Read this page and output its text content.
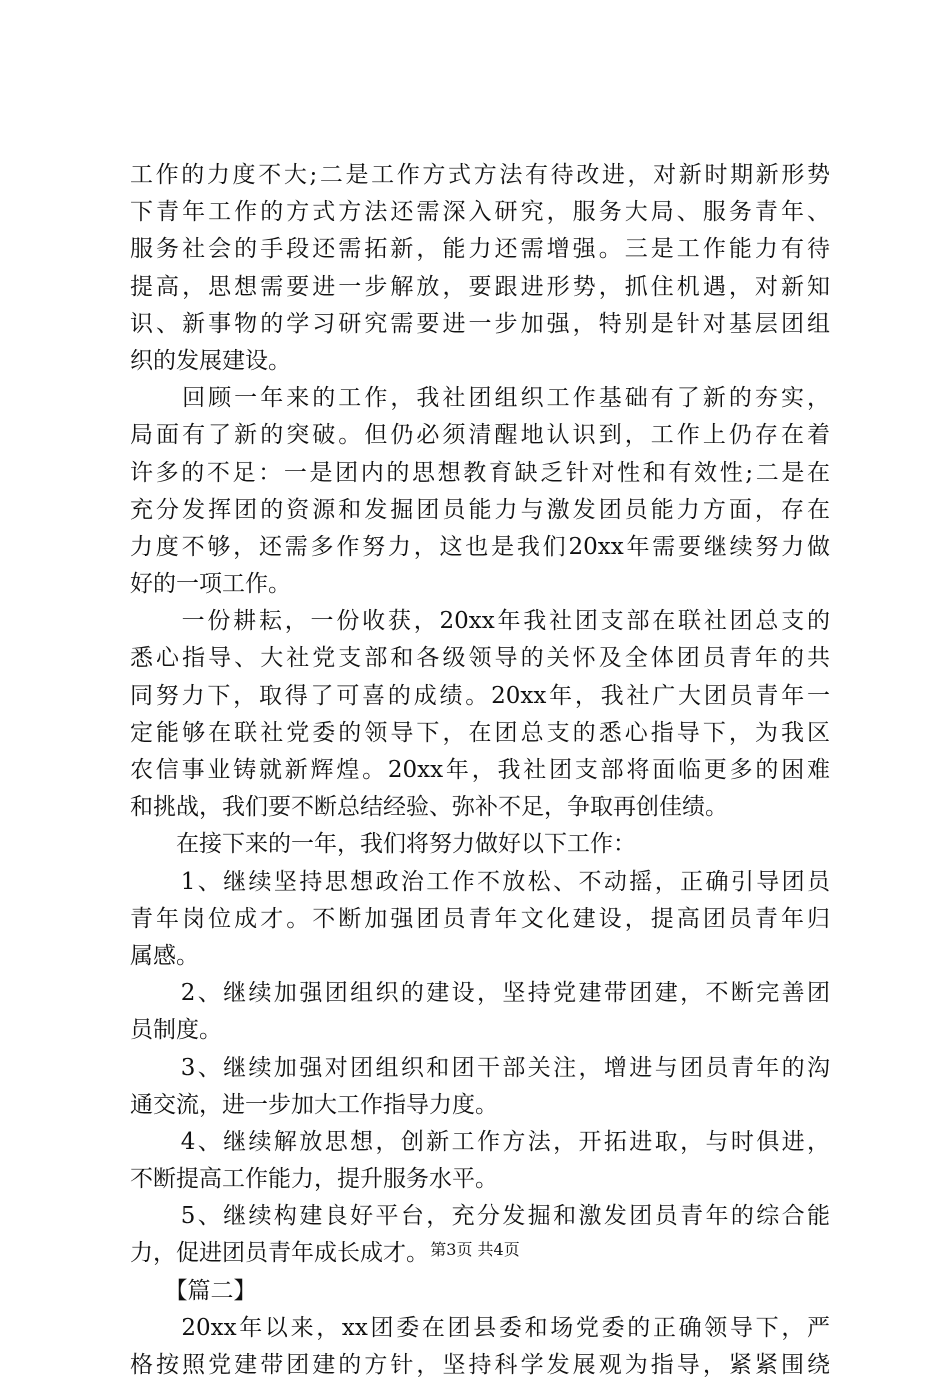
工作的力度不大;二是工作方式方法有待改进，对新时期新形势
下青年工作的方式方法还需深入研究，服务大局、服务青年、
服务社会的手段还需拓新，能力还需增强。三是工作能力有待
提高，思想需要进一步解放，要跟进形势，抓住机遇，对新知
识、新事物的学习研究需要进一步加强，特别是针对基层团组
织的发展建设。
　　回顾一年来的工作，我社团组织工作基础有了新的夯实，
局面有了新的突破。但仍必须清醒地认识到，工作上仍存在着
许多的不足：一是团内的思想教育缺乏针对性和有效性;二是在
充分发挥团的资源和发掘团员能力与激发团员能力方面，存在
力度不够，还需多作努力，这也是我们20xx年需要继续努力做
好的一项工作。
　　一份耕耘，一份收获，20xx年我社团支部在联社团总支的
悉心指导、大社党支部和各级领导的关怀及全体团员青年的共
同努力下，取得了可喜的成绩。20xx年，我社广大团员青年一
定能够在联社党委的领导下，在团总支的悉心指导下，为我区
农信事业铸就新辉煌。20xx年，我社团支部将面临更多的困难
和挑战，我们要不断总结经验、弥补不足，争取再创佳绩。
　　在接下来的一年，我们将努力做好以下工作：
　　1、继续坚持思想政治工作不放松、不动摇，正确引导团员
青年岗位成才。不断加强团员青年文化建设，提高团员青年归
属感。
　　2、继续加强团组织的建设，坚持党建带团建，不断完善团
员制度。
　　3、继续加强对团组织和团干部关注，增进与团员青年的沟
通交流，进一步加大工作指导力度。
　　4、继续解放思想，创新工作方法，开拓进取，与时俱进，
不断提高工作能力，提升服务水平。
　　5、继续构建良好平台，充分发掘和激发团员青年的综合能
力，促进团员青年成长成才。
　　【篇二】
　　20xx年以来，xx团委在团县委和场党委的正确领导下，严
格按照党建带团建的方针，坚持科学发展观为指导，紧紧围绕
第3页 共4页
